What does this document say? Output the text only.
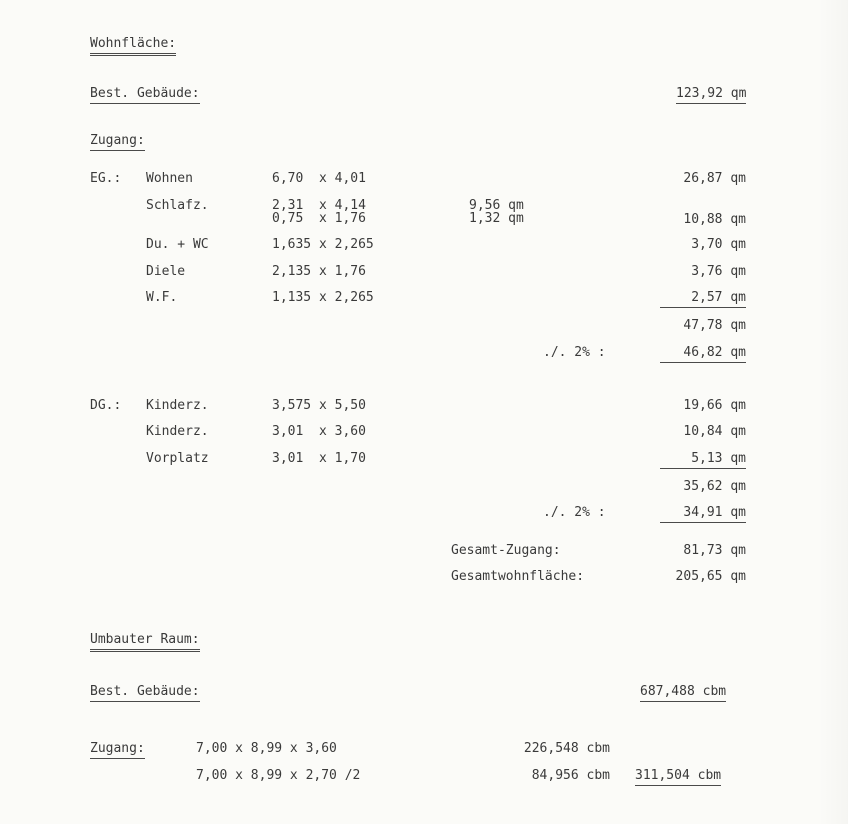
Wohnfläche:
Best. Gebäude:	123,92 qm
Zugang:
EG.: Wohnen	6,70  x 4,01	26,87 qm
Schlafz.	2,31  x 4,14	9,56 qm
0,75  x 1,76	1,32 qm	10,88 qm
Du. + WC	1,635 x 2,265	3,70 qm
Diele	2,135 x 1,76	3,76 qm
W.F.	1,135 x 2,265	2,57 qm
47,78 qm
./. 2% :	46,82 qm
DG.: Kinderz.	3,575 x 5,50	19,66 qm
Kinderz.	3,01  x 3,60	10,84 qm
Vorplatz	3,01  x 1,70	5,13 qm
35,62 qm
./. 2% :	34,91 qm
Gesamt-Zugang:	81,73 qm
Gesamtwohnfläche:	205,65 qm
Umbauter Raum:
Best. Gebäude:	687,488 cbm
Zugang:	7,00 x 8,99 x 3,60	226,548 cbm
7,00 x 8,99 x 2,70 /2	84,956 cbm 311,504 cbm
